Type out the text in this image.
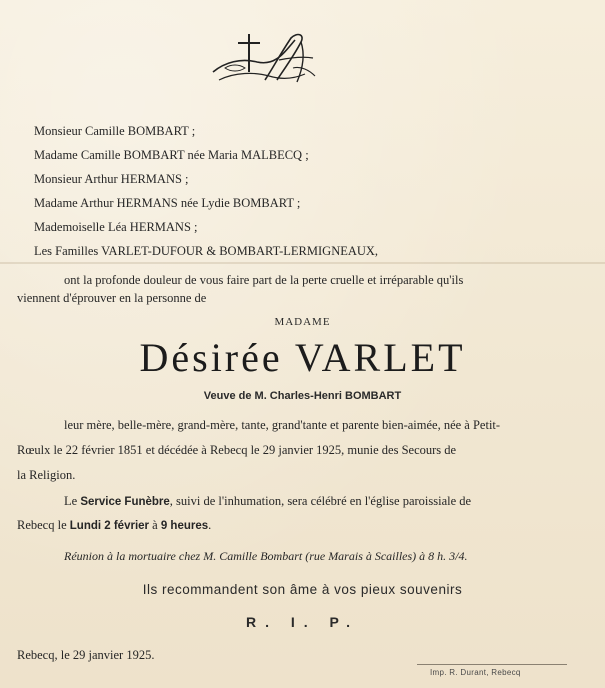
Monsieur Camille BOMBART ;
Madame Camille BOMBART née Maria MALBECQ ;
Monsieur Arthur HERMANS ;
Madame Arthur HERMANS née Lydie BOMBART ;
Mademoiselle Léa HERMANS ;
Les Familles VARLET-DUFOUR & BOMBART-LERMIGNEAUX,
ont la profonde douleur de vous faire part de la perte cruelle et irréparable qu'ils
viennent d'éprouver en la personne de
MADAME
Désirée VARLET
Veuve de M. Charles-Henri BOMBART
leur mère, belle-mère, grand-mère, tante, grand'tante et parente bien-aimée, née à Petit-
Rœulx le 22 février 1851 et décédée à Rebecq le 29 janvier 1925, munie des Secours de
la Religion.
Le Service Funèbre, suivi de l'inhumation, sera célébré en l'église paroissiale de
Rebecq le Lundi 2 février à 9 heures.
Réunion à la mortuaire chez M. Camille Bombart (rue Marais à Scailles) à 8 h. 3/4.
Ils recommandent son âme à vos pieux souvenirs
R. I. P.
Rebecq, le 29 janvier 1925.
Imp. R. Durant, Rebecq
